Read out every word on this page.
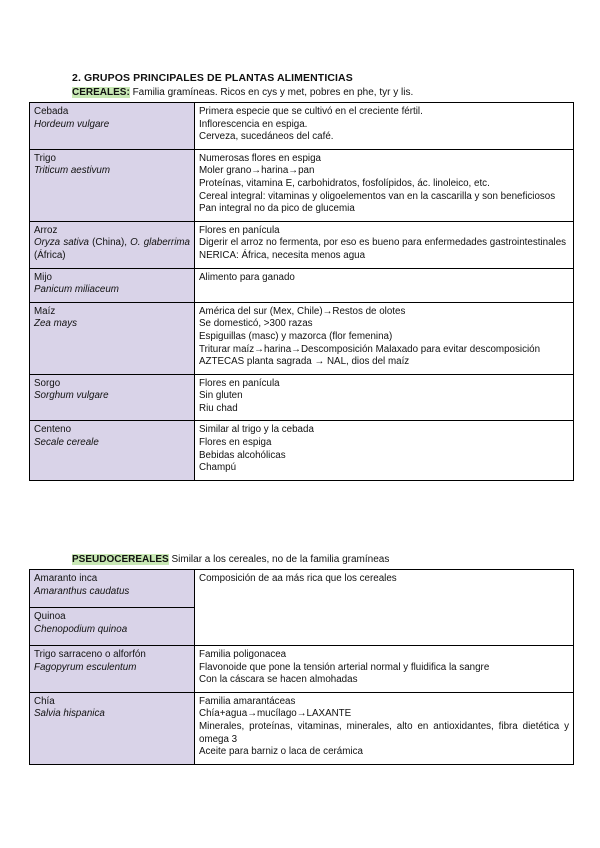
2. GRUPOS PRINCIPALES DE PLANTAS ALIMENTICIAS
CEREALES: Familia gramíneas. Ricos en cys y met, pobres en phe, tyr y lis.
Cebada
Hordeum vulgare	Primera especie que se cultivó en el creciente fértil.
Inflorescencia en espiga.
Cerveza, sucedáneos del café.

Trigo
Triticum aestivum	Numerosas flores en espiga
Moler grano→harina→pan
Proteínas, vitamina E, carbohidratos, fosfolípidos, ác. linoleico, etc.
Cereal integral: vitaminas y oligoelementos van en la cascarilla y son beneficiosos
Pan integral no da pico de glucemia

Arroz
Oryza sativa (China), O. glaberrima (África)	Flores en panícula
Digerir el arroz no fermenta, por eso es bueno para enfermedades gastrointestinales
NERICA: África, necesita menos agua

Mijo
Panicum miliaceum	Alimento para ganado

Maíz
Zea mays	América del sur (Mex, Chile)→Restos de olotes
Se domesticó, >300 razas
Espiguillas (masc) y mazorca (flor femenina)
Triturar maíz→harina→Descomposición Malaxado para evitar descomposición
AZTECAS planta sagrada → NAL, dios del maíz

Sorgo
Sorghum vulgare	Flores en panícula
Sin gluten
Riu chad

Centeno
Secale cereale	Similar al trigo y la cebada
Flores en espiga
Bebidas alcohólicas
Champú
PSEUDOCEREALES Similar a los cereales, no de la familia gramíneas
Amaranto inca
Amaranthus caudatus	Composición de aa más rica que los cereales

Quinoa
Chenopodium quinoa	

Trigo sarraceno o alforfón
Fagopyrum esculentum	Familia poligonacea
Flavonoide que pone la tensión arterial normal y fluidifica la sangre
Con la cáscara se hacen almohadas

Chía
Salvia hispanica	Familia amarantáceas
Chía+agua→mucílago→LAXANTE
Minerales, proteínas, vitaminas, minerales, alto en antioxidantes, fibra dietética y omega 3
Aceite para barniz o laca de cerámica
